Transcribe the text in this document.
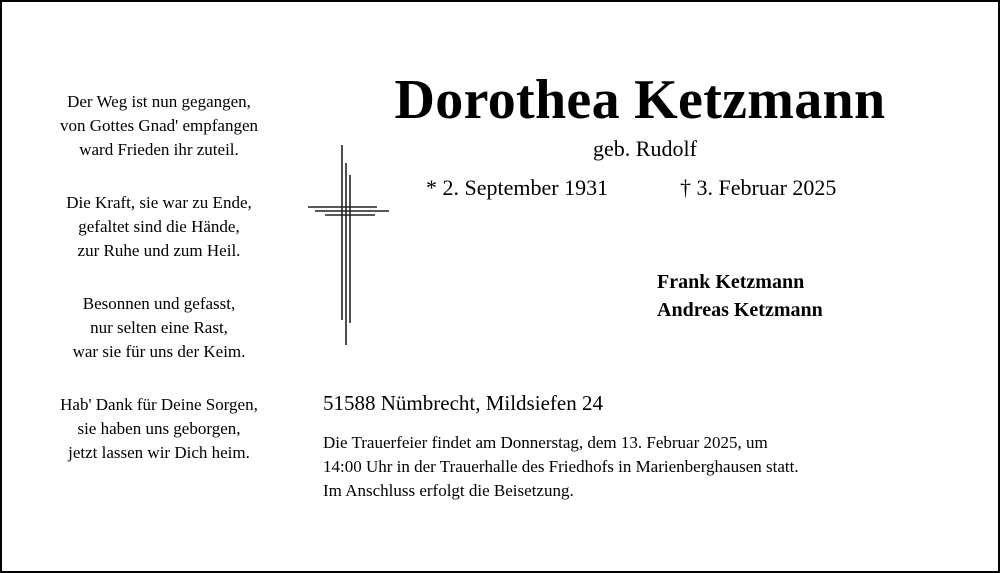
Der Weg ist nun gegangen,
von Gottes Gnad' empfangen
ward Frieden ihr zuteil.
Die Kraft, sie war zu Ende,
gefaltet sind die Hände,
zur Ruhe und zum Heil.
Besonnen und gefasst,
nur selten eine Rast,
war sie für uns der Keim.
Hab' Dank für Deine Sorgen,
sie haben uns geborgen,
jetzt lassen wir Dich heim.
Dorothea Ketzmann
geb. Rudolf
* 2. September 1931	† 3. Februar 2025
Frank Ketzmann
Andreas Ketzmann
51588 Nümbrecht, Mildsiefen 24
Die Trauerfeier findet am Donnerstag, dem 13. Februar 2025, um
14:00 Uhr in der Trauerhalle des Friedhofs in Marienberghausen statt.
Im Anschluss erfolgt die Beisetzung.
